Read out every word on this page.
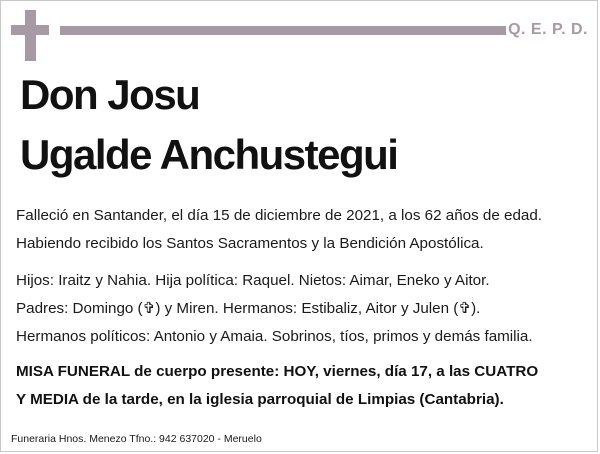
Q. E. P. D.
Don Josu
Ugalde Anchustegui
Falleció en Santander, el día 15 de diciembre de 2021, a los 62 años de edad.
Habiendo recibido los Santos Sacramentos y la Bendición Apostólica.
Hijos: Iraitz y Nahia. Hija política: Raquel. Nietos: Aimar, Eneko y Aitor.
Padres: Domingo (✞) y Miren. Hermanos: Estibaliz, Aitor y Julen (✞).
Hermanos políticos: Antonio y Amaia. Sobrinos, tíos, primos y demás familia.
MISA FUNERAL de cuerpo presente: HOY, viernes, día 17, a las CUATRO
Y MEDIA de la tarde, en la iglesia parroquial de Limpias (Cantabria).
Funeraria Hnos. Menezo Tfno.: 942 637020 - Meruelo
